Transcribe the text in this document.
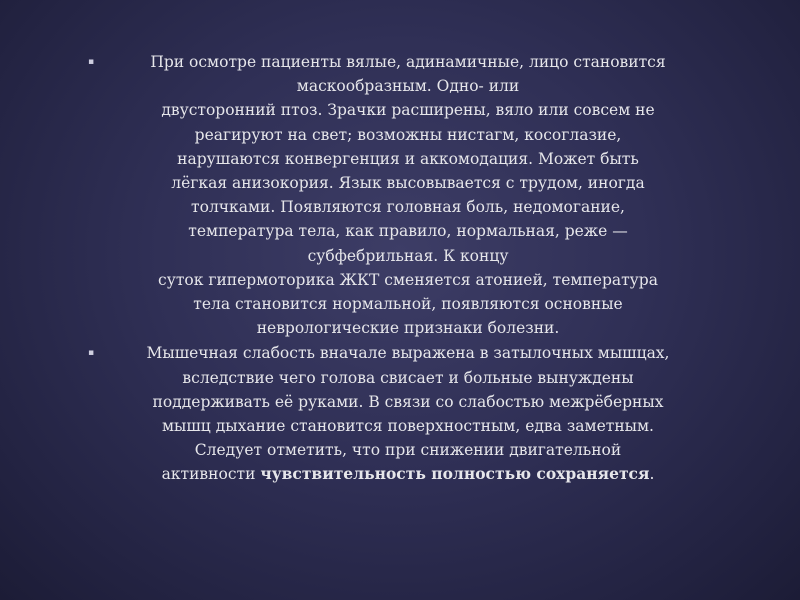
▪	При осмотре пациенты вялые, адинамичные, лицо становится
маскообразным. Одно- или
двусторонний птоз. Зрачки расширены, вяло или совсем не
реагируют на свет; возможны нистагм, косоглазие,
нарушаются конвергенция и аккомодация. Может быть
лёгкая анизокория. Язык высовывается с трудом, иногда
толчками. Появляются головная боль, недомогание,
температура тела, как правило, нормальная, реже —
субфебрильная. К концу
суток гипермоторика ЖКТ сменяется атонией, температура
тела становится нормальной, появляются основные
неврологические признаки болезни.
▪	Мышечная слабость вначале выражена в затылочных мышцах,
вследствие чего голова свисает и больные вынуждены
поддерживать её руками. В связи со слабостью межрёберных
мышц дыхание становится поверхностным, едва заметным.
Следует отметить, что при снижении двигательной
активности чувствительность полностью сохраняется.
